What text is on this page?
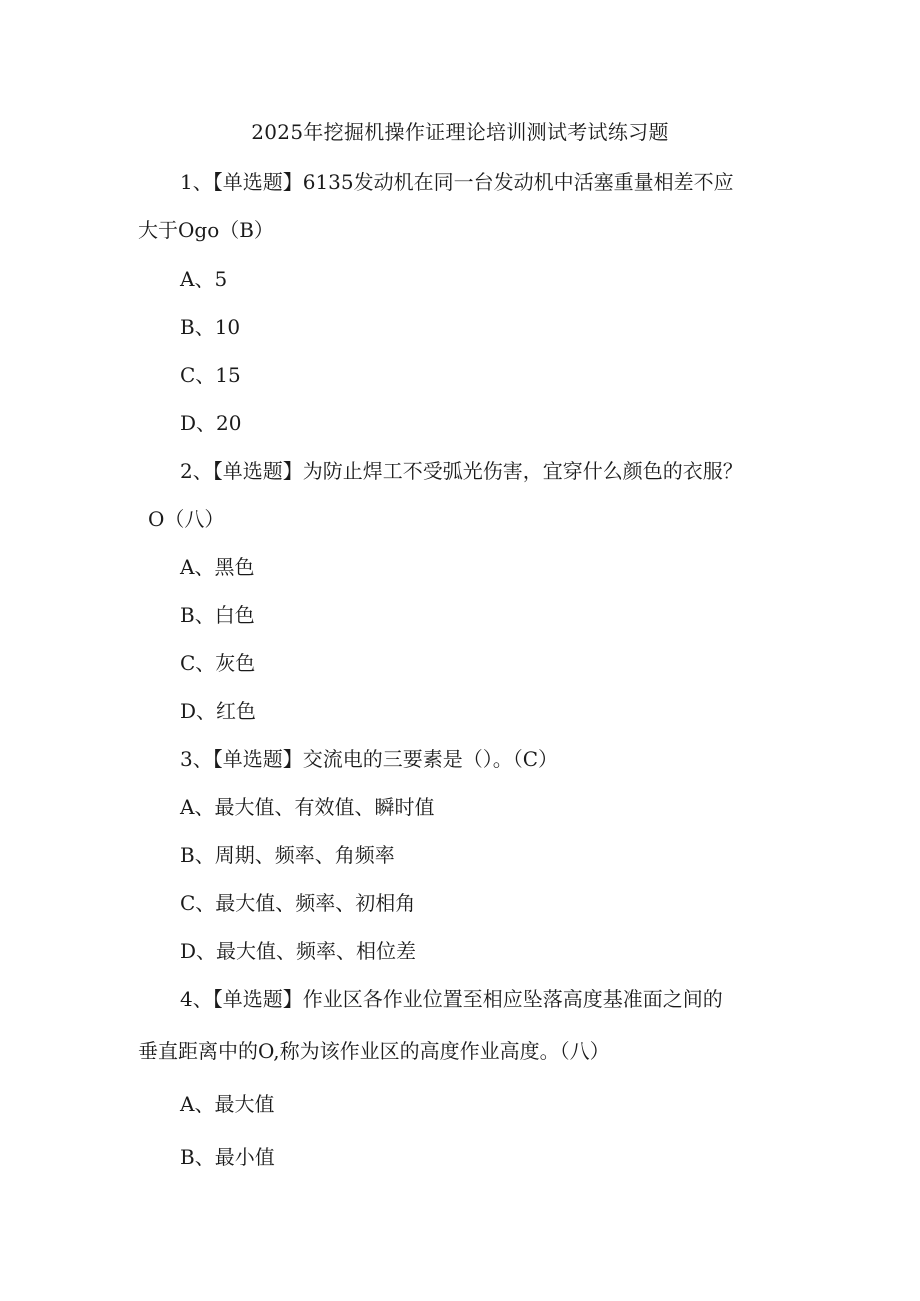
2025年挖掘机操作证理论培训测试考试练习题
1、【单选题】6135发动机在同一台发动机中活塞重量相差不应
大于Ogo（B）
A、5
B、10
C、15
D、20
2、【单选题】为防止焊工不受弧光伤害，宜穿什么颜色的衣服？
O（八）
A、黑色
B、白色
C、灰色
D、红色
3、【单选题】交流电的三要素是（）。（C）
A、最大值、有效值、瞬时值
B、周期、频率、角频率
C、最大值、频率、初相角
D、最大值、频率、相位差
4、【单选题】作业区各作业位置至相应坠落高度基准面之间的
垂直距离中的O,称为该作业区的高度作业高度。（八）
A、最大值
B、最小值
